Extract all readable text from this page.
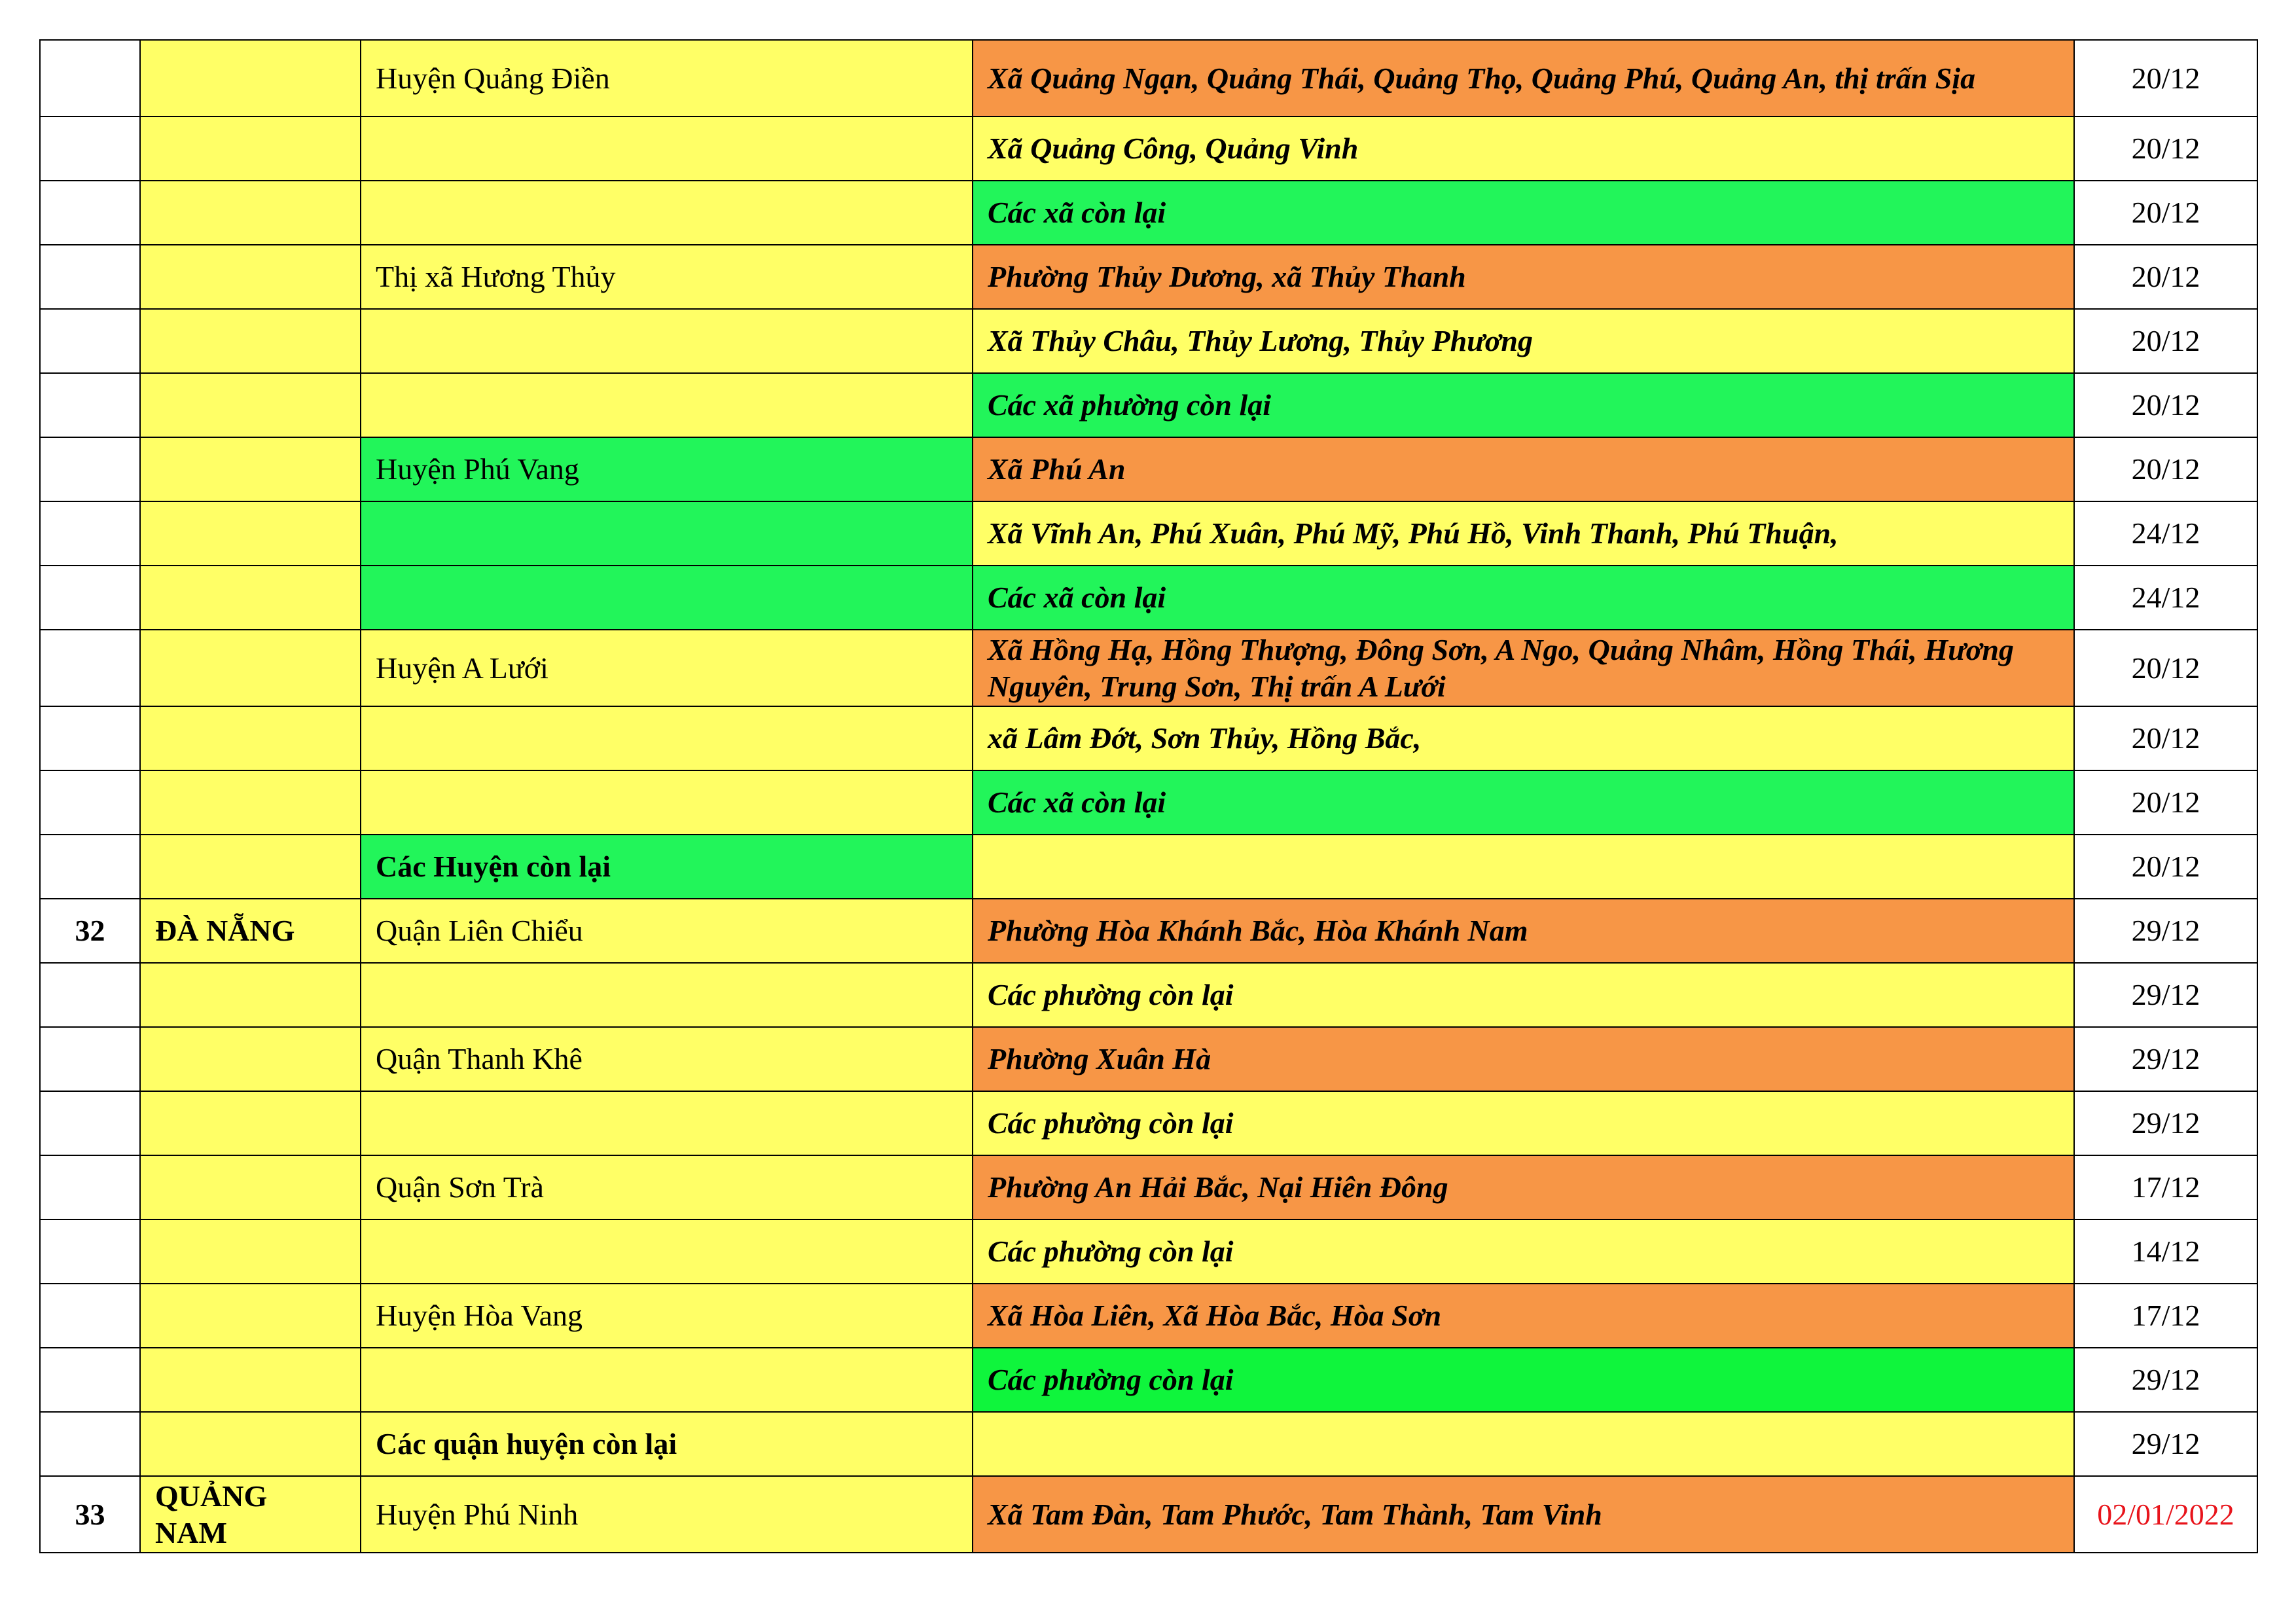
		Huyện Quảng Điền	Xã Quảng Ngạn, Quảng Thái, Quảng Thọ, Quảng Phú, Quảng An, thị trấn Sịa	20/12
			Xã Quảng Công, Quảng Vinh	20/12
			Các xã còn lại	20/12
		Thị xã Hương Thủy	Phường Thủy Dương, xã Thủy Thanh	20/12
			Xã Thủy Châu, Thủy Lương, Thủy Phương	20/12
			Các xã phường còn lại	20/12
		Huyện Phú Vang	Xã Phú An	20/12
			Xã Vĩnh An, Phú Xuân, Phú Mỹ, Phú Hồ, Vinh Thanh, Phú Thuận,	24/12
			Các xã còn lại	24/12
		Huyện A Lưới	Xã Hồng Hạ, Hồng Thượng, Đông Sơn, A Ngo, Quảng Nhâm, Hồng Thái, Hương Nguyên, Trung Sơn, Thị trấn A Lưới	20/12
			xã Lâm Đớt, Sơn Thủy, Hồng Bắc,	20/12
			Các xã còn lại	20/12
		Các Huyện còn lại		20/12
32	ĐÀ NẴNG	Quận Liên Chiểu	Phường Hòa Khánh Bắc, Hòa Khánh Nam	29/12
			Các phường còn lại	29/12
		Quận Thanh Khê	Phường Xuân Hà	29/12
			Các phường còn lại	29/12
		Quận Sơn Trà	Phường An Hải Bắc, Nại Hiên Đông	17/12
			Các phường còn lại	14/12
		Huyện Hòa Vang	Xã Hòa Liên, Xã Hòa Bắc, Hòa Sơn	17/12
			Các phường còn lại	29/12
		Các quận huyện còn lại		29/12
33	QUẢNG NAM	Huyện Phú Ninh	Xã Tam Đàn, Tam Phước, Tam Thành, Tam Vinh	02/01/2022
